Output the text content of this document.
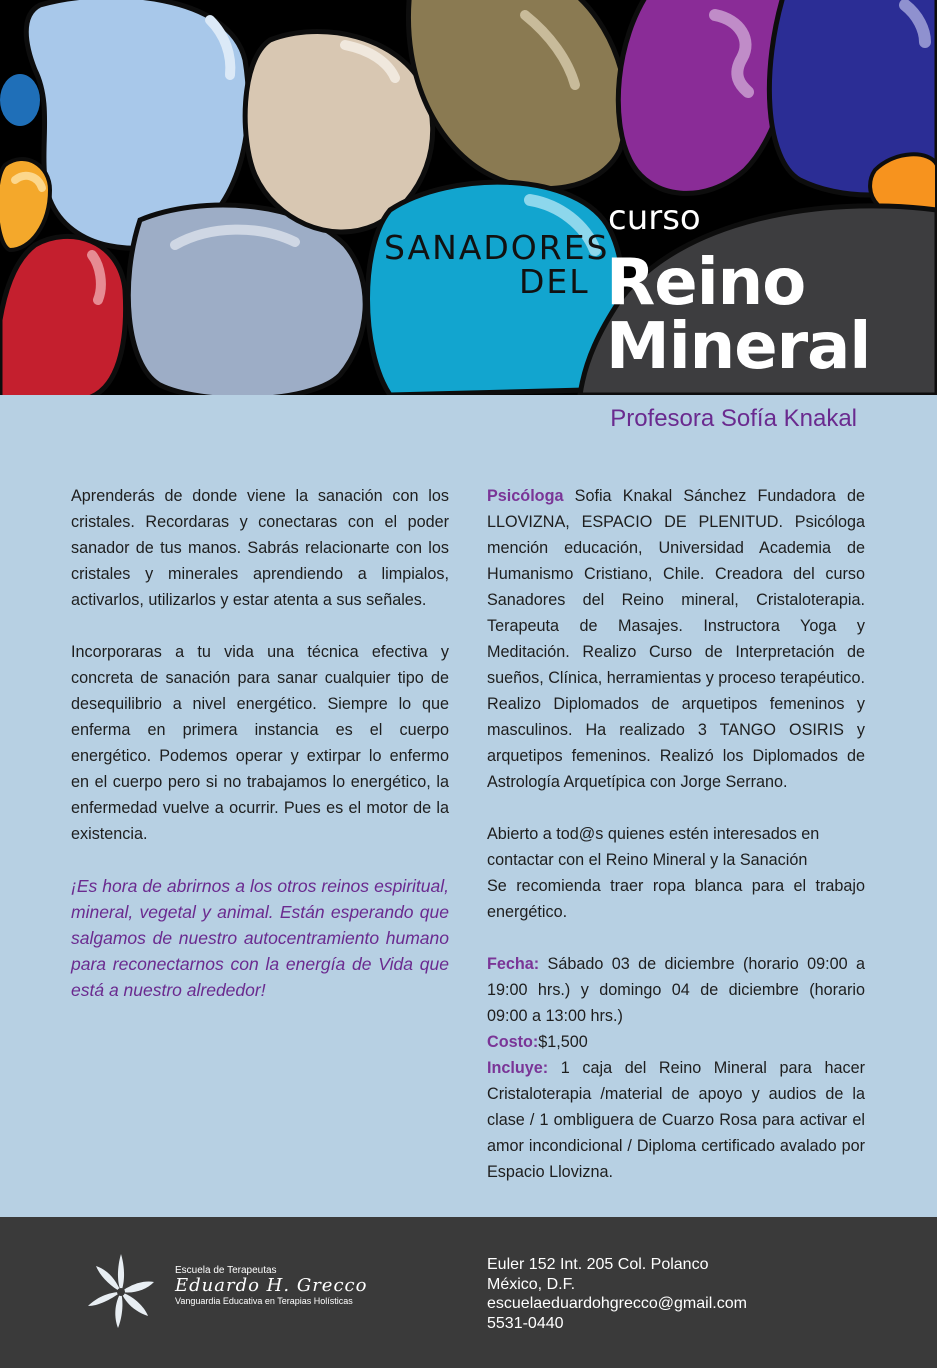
SANADORES
DEL
curso
Reino
Mineral
Profesora Sofía Knakal

Aprenderás de donde viene la sanación con los cristales. Recordaras y conectaras con el poder sanador de tus manos. Sabrás relacionarte con los cristales y minerales aprendiendo a limpialos, activarlos, utilizarlos y estar atenta a sus señales.

Incorporaras a tu vida una técnica efectiva y concreta de sanación para sanar cualquier tipo de desequilibrio a nivel energético. Siempre lo que enferma en primera instancia es el cuerpo energético. Podemos operar y extirpar lo enfermo en el cuerpo pero si no trabajamos lo energético, la enfermedad vuelve a ocurrir. Pues es el motor de la existencia.

¡Es hora de abrirnos a los otros reinos espiritual, mineral, vegetal y animal. Están esperando que salgamos de nuestro autocentramiento humano para reconectarnos con la energía de Vida que está a nuestro alrededor!

Psicóloga Sofia Knakal Sánchez Fundadora de LLOVIZNA, ESPACIO DE PLENITUD. Psicóloga mención educación, Universidad Academia de Humanismo Cristiano, Chile. Creadora del curso Sanadores del Reino mineral, Cristaloterapia. Terapeuta de Masajes. Instructora Yoga y Meditación. Realizo Curso de Interpretación de sueños, Clínica, herramientas y proceso terapéutico. Realizo Diplomados de arquetipos femeninos y masculinos. Ha realizado 3 TANGO OSIRIS y arquetipos femeninos. Realizó los Diplomados de Astrología Arquetípica con Jorge Serrano.

Abierto a tod@s quienes estén interesados en contactar con el Reino Mineral y la Sanación
Se recomienda traer ropa blanca para el trabajo energético.

Fecha: Sábado 03 de diciembre (horario 09:00 a 19:00 hrs.) y domingo 04 de diciembre (horario 09:00 a 13:00 hrs.)

Costo:$1,500

Incluye: 1 caja del Reino Mineral para hacer Cristaloterapia /material de apoyo y audios de la clase / 1 ombliguera de Cuarzo Rosa para activar el amor incondicional / Diploma certificado avalado por Espacio Llovizna.

Escuela de Terapeutas
Eduardo H. Grecco
Vanguardia Educativa en Terapias Holísticas
Euler 152 Int. 205 Col. Polanco
México, D.F.
escuelaeduardohgrecco@gmail.com
5531-0440
